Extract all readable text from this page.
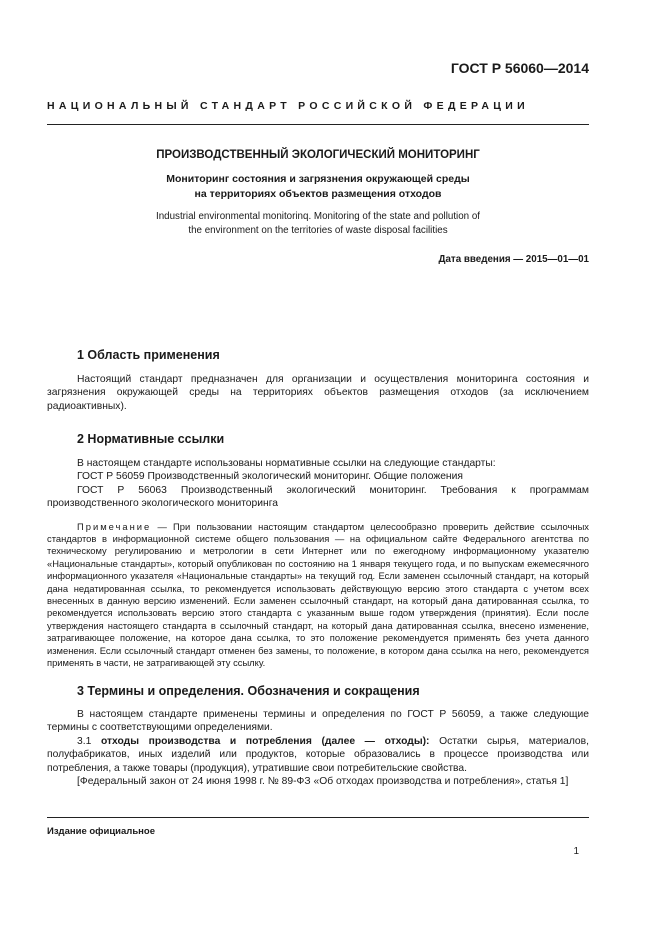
ГОСТ Р 56060—2014
НАЦИОНАЛЬНЫЙ СТАНДАРТ РОССИЙСКОЙ ФЕДЕРАЦИИ
ПРОИЗВОДСТВЕННЫЙ ЭКОЛОГИЧЕСКИЙ МОНИТОРИНГ
Мониторинг состояния и загрязнения окружающей среды
на территориях объектов размещения отходов
Industrial environmental monitorinq. Monitoring of the state and pollution of
the environment on the territories of waste disposal facilities
Дата введения — 2015—01—01
1 Область применения
Настоящий стандарт предназначен для организации и осуществления мониторинга состояния и загрязнения окружающей среды на территориях объектов размещения отходов (за исключением радиоактивных).
2 Нормативные ссылки
В настоящем стандарте использованы нормативные ссылки на следующие стандарты:
ГОСТ Р 56059 Производственный экологический мониторинг. Общие положения
ГОСТ Р 56063 Производственный экологический мониторинг. Требования к программам производственного экологического мониторинга
Примечание — При пользовании настоящим стандартом целесообразно проверить действие ссылочных стандартов в информационной системе общего пользования — на официальном сайте Федерального агентства по техническому регулированию и метрологии в сети Интернет или по ежегодному информационному указателю «Национальные стандарты», который опубликован по состоянию на 1 января текущего года, и по выпускам ежемесячного информационного указателя «Национальные стандарты» на текущий год. Если заменен ссылочный стандарт, на который дана недатированная ссылка, то рекомендуется использовать действующую версию этого стандарта с учетом всех внесенных в данную версию изменений. Если заменен ссылочный стандарт, на который дана датированная ссылка, то рекомендуется использовать версию этого стандарта с указанным выше годом утверждения (принятия). Если после утверждения настоящего стандарта в ссылочный стандарт, на который дана датированная ссылка, внесено изменение, затрагивающее положение, на которое дана ссылка, то это положение рекомендуется применять без учета данного изменения. Если ссылочный стандарт отменен без замены, то положение, в котором дана ссылка на него, рекомендуется применять в части, не затрагивающей эту ссылку.
3 Термины и определения. Обозначения и сокращения
В настоящем стандарте применены термины и определения по ГОСТ Р 56059, а также следующие термины с соответствующими определениями.
3.1 отходы производства и потребления (далее — отходы): Остатки сырья, материалов, полуфабрикатов, иных изделий или продуктов, которые образовались в процессе производства или потребления, а также товары (продукция), утратившие свои потребительские свойства.
[Федеральный закон от 24 июня 1998 г. № 89-ФЗ «Об отходах производства и потребления», статья 1]
Издание официальное
1
